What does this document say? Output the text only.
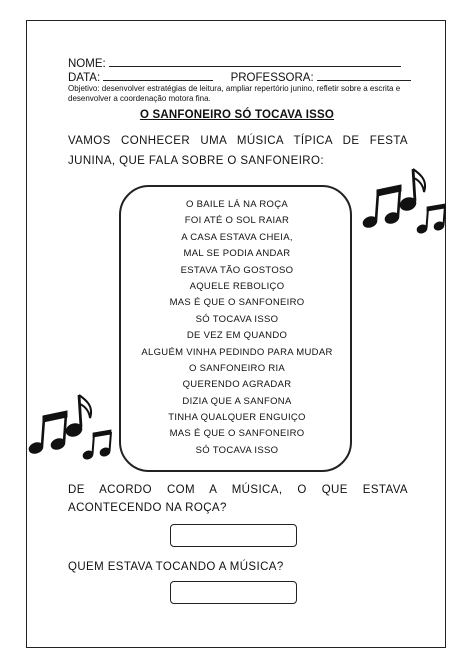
NOME:
DATA:	PROFESSORA:
Objetivo: desenvolver estratégias de leitura, ampliar repertório junino, refletir sobre a escrita e desenvolver a coordenação motora fina.
O SANFONEIRO SÓ TOCAVA ISSO
VAMOS CONHECER UMA MÚSICA TÍPICA DE FESTA
JUNINA, QUE FALA SOBRE O SANFONEIRO:
O BAILE LÁ NA ROÇA
FOI ATÉ O SOL RAIAR
A CASA ESTAVA CHEIA,
MAL SE PODIA ANDAR
ESTAVA TÃO GOSTOSO
AQUELE REBOLIÇO
MAS É QUE O SANFONEIRO
SÓ TOCAVA ISSO
DE VEZ EM QUANDO
ALGUÉM VINHA PEDINDO PARA MUDAR
O SANFONEIRO RIA
QUERENDO AGRADAR
DIZIA QUE A SANFONA
TINHA QUALQUER ENGUIÇO
MAS É QUE O SANFONEIRO
SÓ TOCAVA ISSO
DE ACORDO COM A MÚSICA, O QUE ESTAVA
ACONTECENDO NA ROÇA?
QUEM ESTAVA TOCANDO A MÚSICA?
